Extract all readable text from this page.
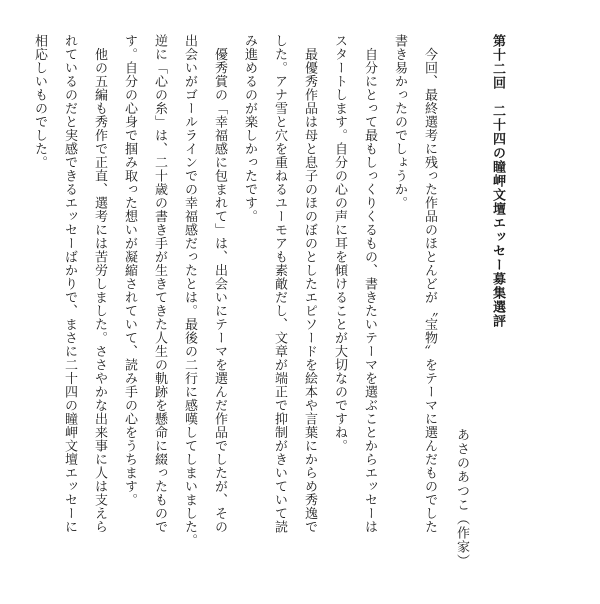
第十二回　二十四の瞳岬文壇エッセー募集選評
あさのあつこ（作家）
　今回、最終選考に残った作品のほとんどが〝宝物〟をテーマに選んだものでした
書き易かったのでしょうか。
　自分にとって最もしっくりくるもの、書きたいテーマを選ぶことからエッセーは
スタートします。自分の心の声に耳を傾けることが大切なのですね。
　最優秀作品は母と息子のほのぼのとしたエピソードを絵本や言葉にからめ秀逸で
した。アナ雪と穴を重ねるユーモアも素敵だし、文章が端正で抑制がきいていて読
み進めるのが楽しかったです。
　優秀賞の「幸福感に包まれて」は、出会いにテーマを選んだ作品でしたが、その
出会いがゴールラインでの幸福感だったとは。最後の二行に感嘆してしまいました。
逆に「心の糸」は、二十歳の書き手が生きてきた人生の軌跡を懸命に綴ったもので
す。自分の心身で掴み取った想いが凝縮されていて、読み手の心をうちます。
　他の五編も秀作で正直、選考には苦労しました。ささやかな出来事に人は支えら
れているのだと実感できるエッセーばかりで、まさに二十四の瞳岬文壇エッセーに
相応しいものでした。
